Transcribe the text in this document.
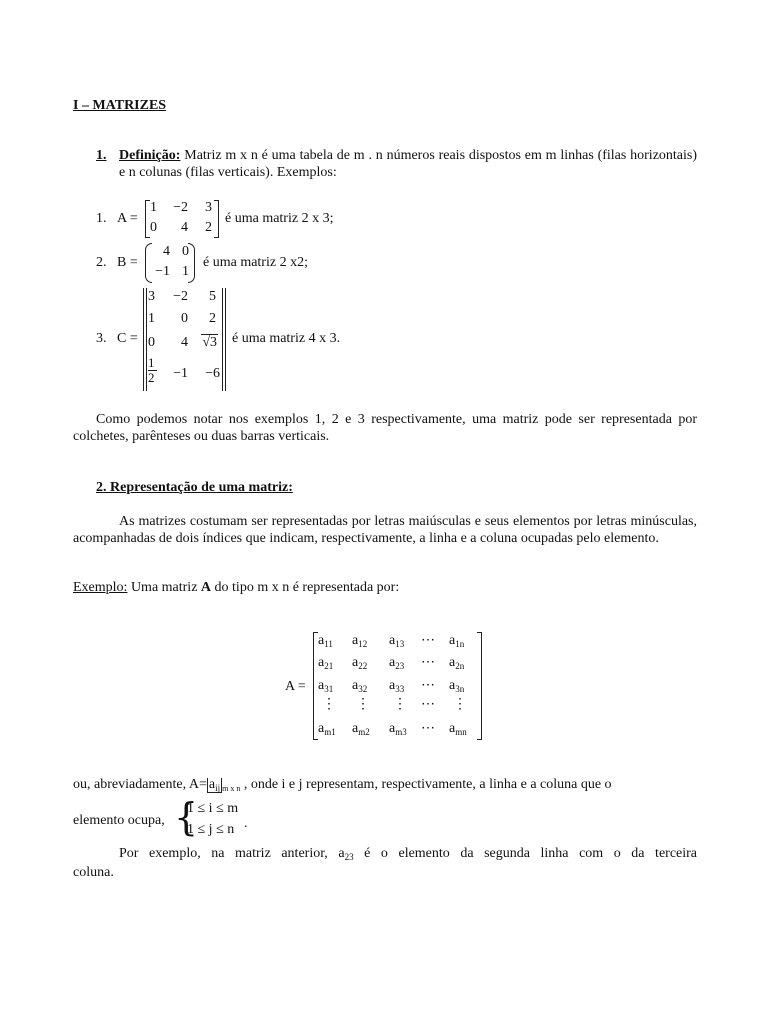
I – MATRIZES
1. Definição: Matriz m x n é uma tabela de m . n números reais dispostos em m linhas (filas horizontais) e n colunas (filas verticais). Exemplos:
1. A =
1	−2	3
0	4	2
é uma matriz 2 x 3;
2. B =
4 0
−1 1
é uma matriz 2 x2;
3. C =
3	−2	5
1	0	2
0	4	√3
$\frac{1}{2} -1$	−6
é uma matriz 4 x 3.
Como podemos notar nos exemplos 1, 2 e 3 respectivamente, uma matriz pode ser representada por colchetes, parênteses ou duas barras verticais.
2. Representação de uma matriz:
As matrizes costumam ser representadas por letras maiúsculas e seus elementos por letras minúsculas, acompanhadas de dois índices que indicam, respectivamente, a linha e a coluna ocupadas pelo elemento.
Exemplo: Uma matriz A do tipo m x n é representada por:
A =
$a_{11}$ $a_{12}$ $a_{13}$ ⋯ $a_{1n}$
$a_{21}$ $a_{22}$ $a_{23}$ ⋯ $a_{2n}$
$a_{31}$ $a_{32}$ $a_{33}$ ⋯ $a_{3n}$
⋮ ⋮ ⋮ ⋯ ⋮
$a_{m1}$ $a_{m2}$ $a_{m3}$ ⋯ $a_{mn}$
ou, abreviadamente, $A= a_{ij}$ $_{m x n}$ , onde i e j representam, respectivamente, a linha e a coluna que o
elemento ocupa, {
1 ≤ i ≤ m
1 ≤ j ≤ n .
Por exemplo, na matriz anterior, $a_{23}$ é o elemento da segunda linha com o da terceira
coluna.
